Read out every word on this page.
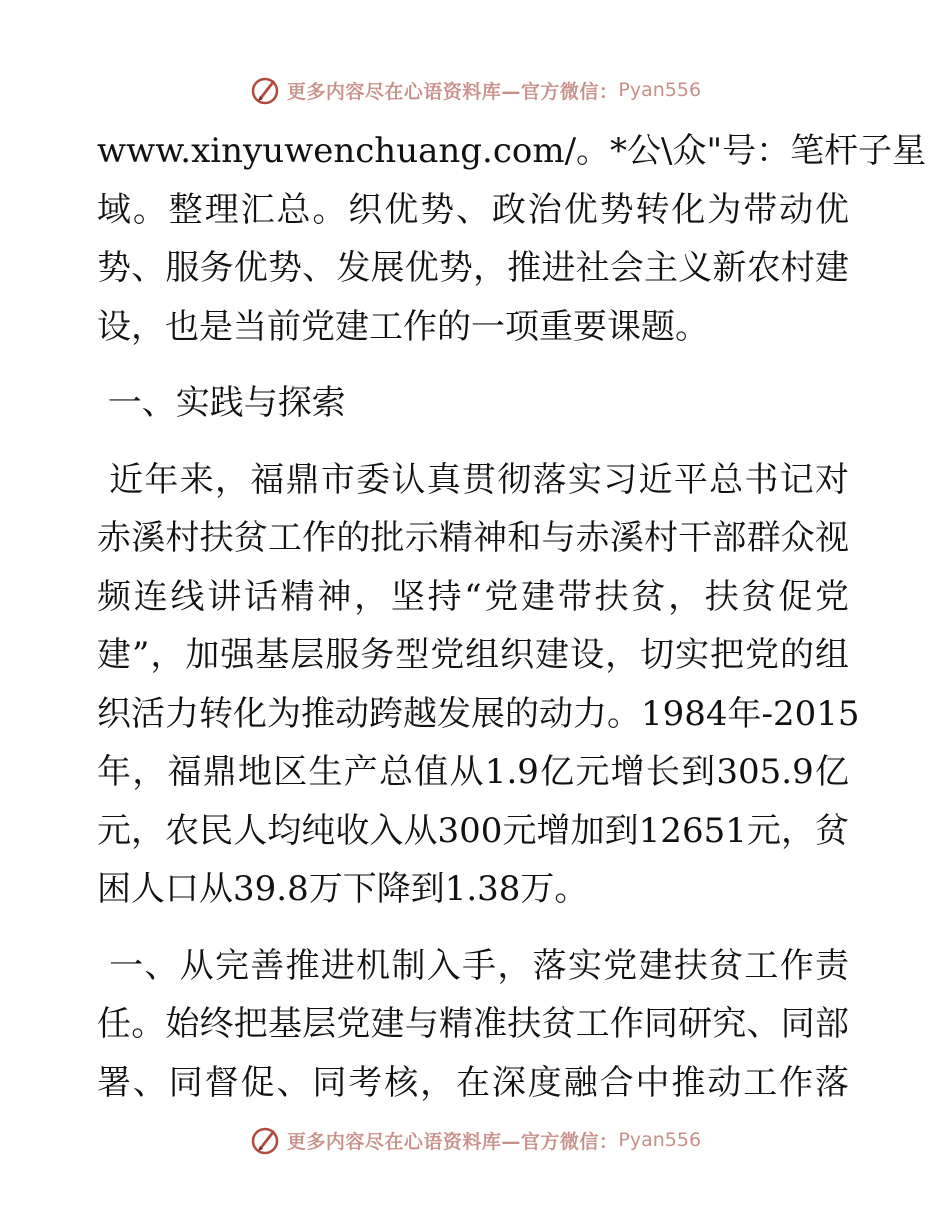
更多内容尽在心语资料库—官方微信： Pyan556
www.xinyuwenchuang.com/。*公\众"号：笔杆子星
域。整理汇总。织优势、政治优势转化为带动优
势、服务优势、发展优势，推进社会主义新农村建
设，也是当前党建工作的一项重要课题。
一、实践与探索
近年来，福鼎市委认真贯彻落实习近平总书记对
赤溪村扶贫工作的批示精神和与赤溪村干部群众视
频连线讲话精神，坚持“党建带扶贫，扶贫促党
建”，加强基层服务型党组织建设，切实把党的组
织活力转化为推动跨越发展的动力。1984年-2015
年，福鼎地区生产总值从1.9亿元增长到305.9亿
元，农民人均纯收入从300元增加到12651元，贫
困人口从39.8万下降到1.38万。
一、从完善推进机制入手，落实党建扶贫工作责
任。始终把基层党建与精准扶贫工作同研究、同部
署、同督促、同考核，在深度融合中推动工作落
更多内容尽在心语资料库—官方微信： Pyan556
